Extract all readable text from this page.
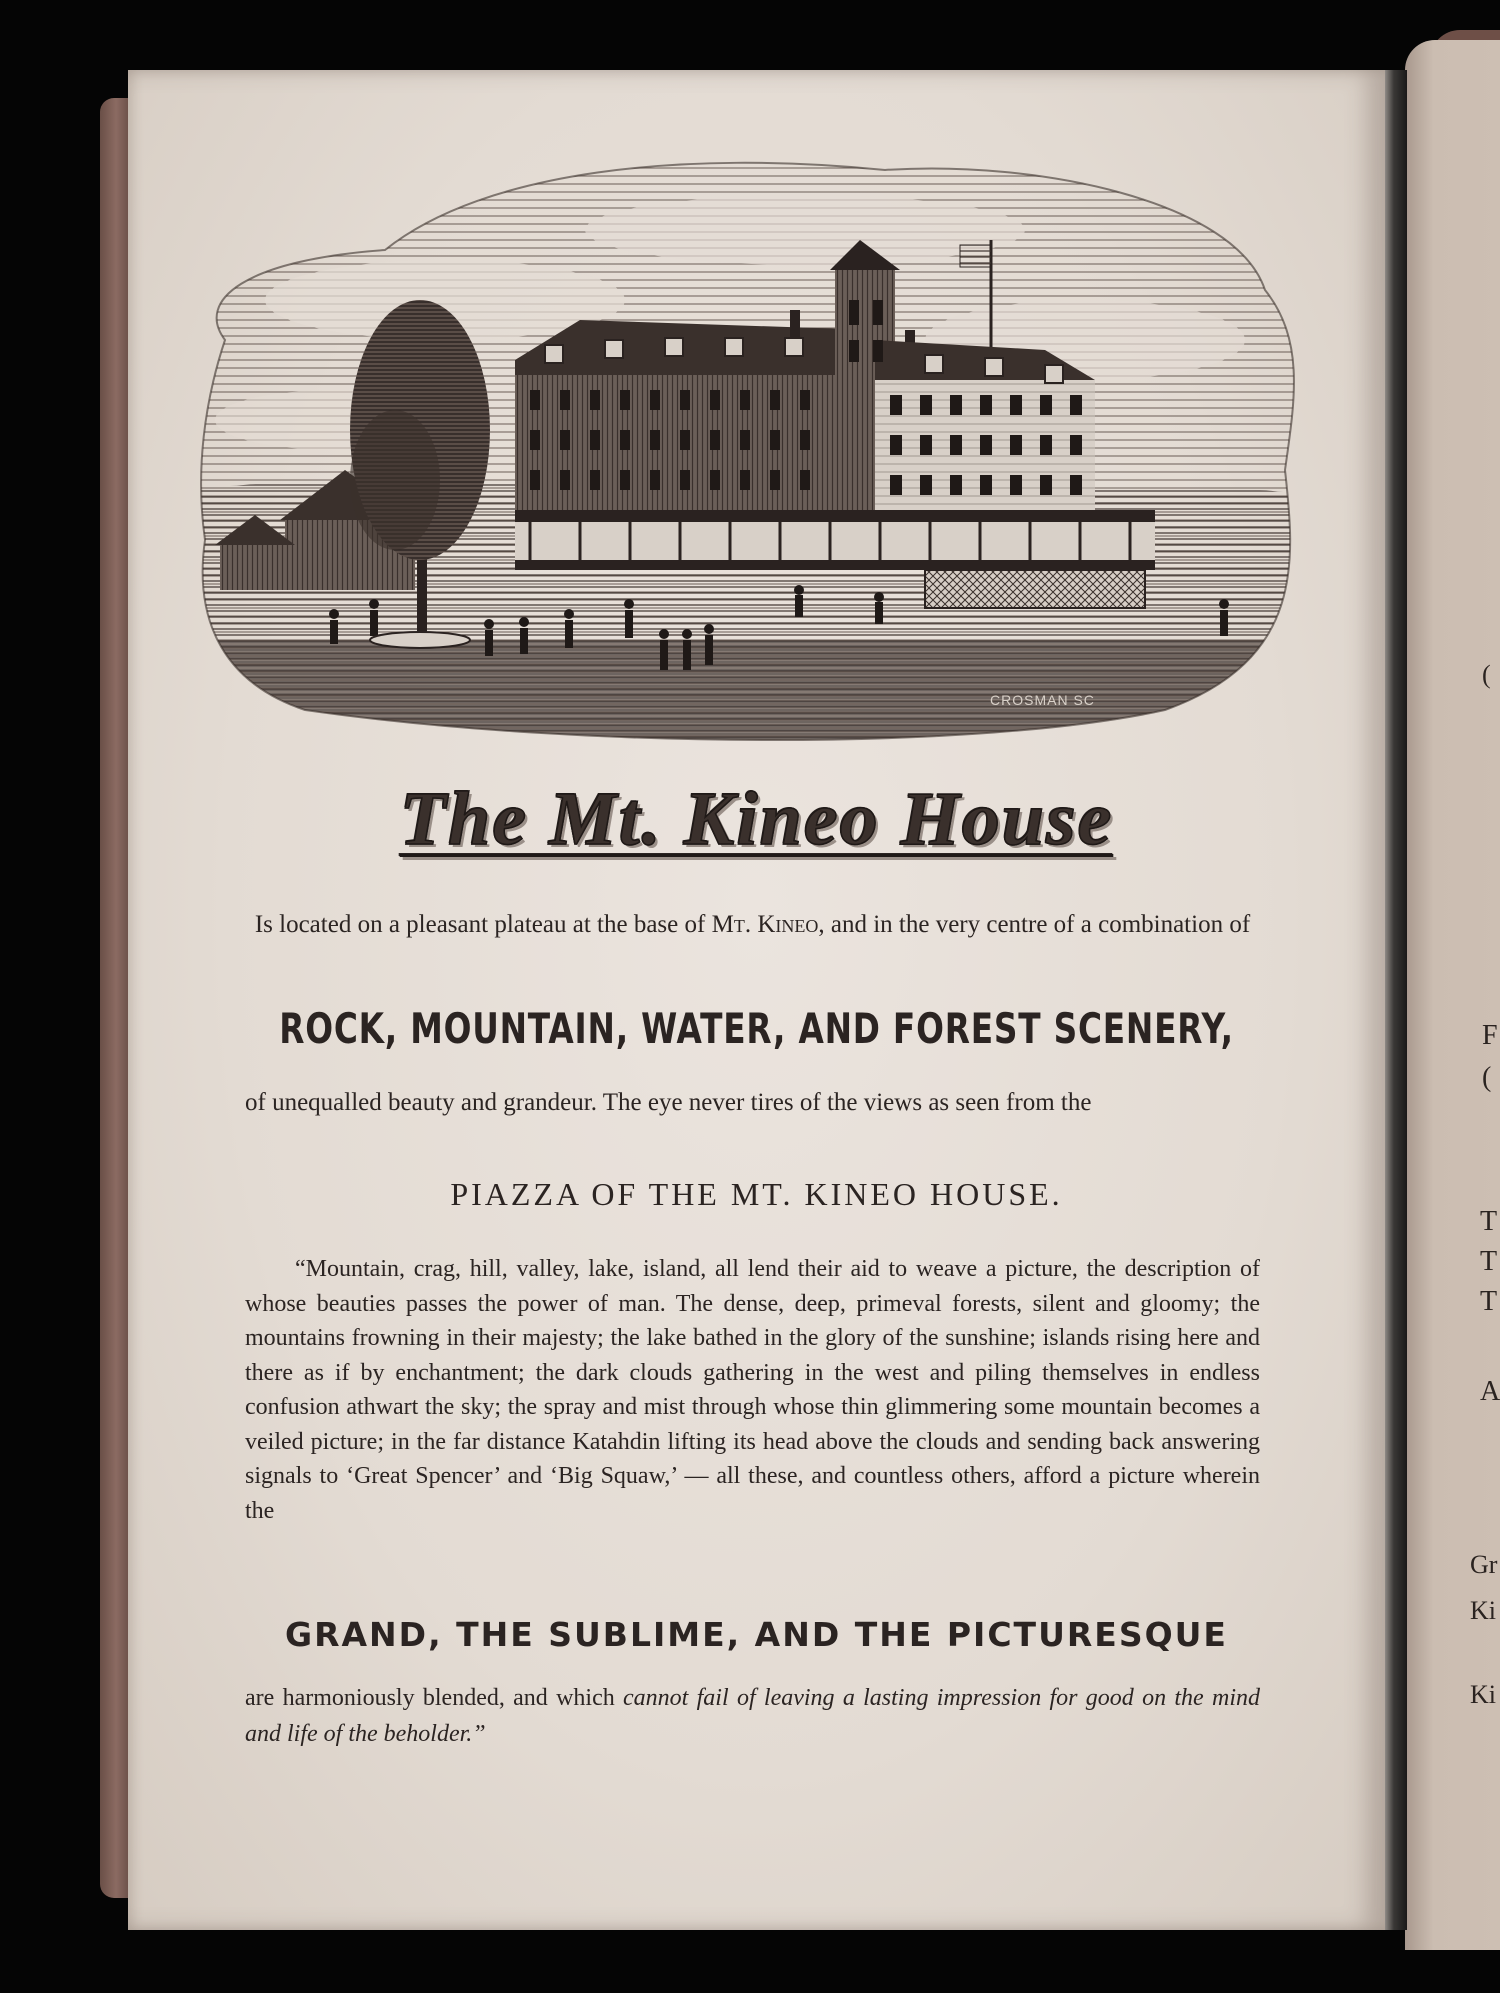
(
F
(
T
T
T
A
Gr
Ki
Ki
CROSMAN SC
The Mt. Kineo House
Is located on a pleasant plateau at the base of Mt. Kineo, and in the very centre of a combination of
ROCK, MOUNTAIN, WATER, AND FOREST SCENERY,
of unequalled beauty and grandeur. The eye never tires of the views as seen from the
PIAZZA OF THE MT. KINEO HOUSE.
“Mountain, crag, hill, valley, lake, island, all lend their aid to weave a picture, the description of whose beauties passes the power of man. The dense, deep, primeval forests, silent and gloomy; the mountains frowning in their majesty; the lake bathed in the glory of the sunshine; islands rising here and there as if by enchantment; the dark clouds gathering in the west and piling themselves in endless confusion athwart the sky; the spray and mist through whose thin glimmering some mountain becomes a veiled picture; in the far distance Katahdin lifting its head above the clouds and sending back answering signals to ‘Great Spencer’ and ‘Big Squaw,’ — all these, and countless others, afford a picture wherein the
GRAND, THE SUBLIME, AND THE PICTURESQUE
are harmoniously blended, and which cannot fail of leaving a lasting impression for good on the mind and life of the beholder.”
